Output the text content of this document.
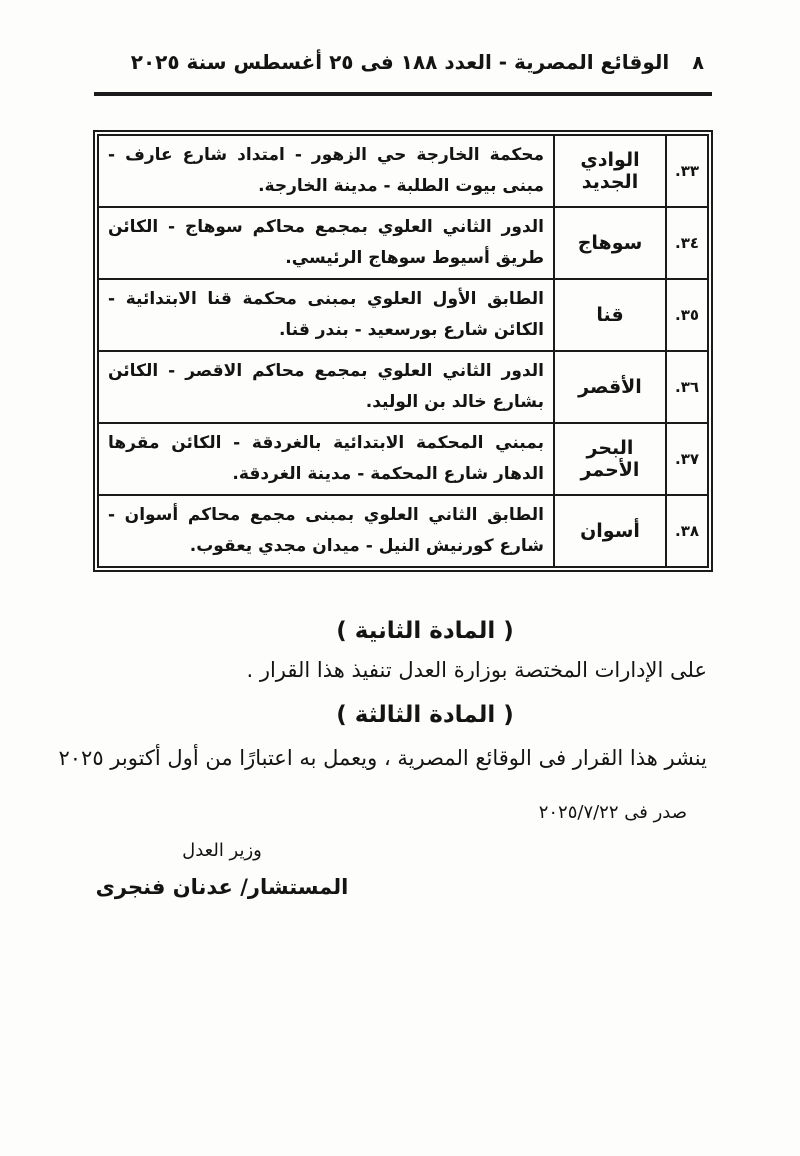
الوقائع المصرية - العدد ١٨٨ فى ٢٥ أغسطس سنة ٢٠٢٥	٨
٣٣.	الوادي الجديد	محكمة الخارجة حي الزهور - امتداد شارع عارف - مبنى بيوت الطلبة - مدينة الخارجة.
٣٤.	سوهاج	الدور الثاني العلوي بمجمع محاكم سوهاج - الكائن طريق أسيوط سوهاج الرئيسي.
٣٥.	قنا	الطابق الأول العلوي بمبنى محكمة قنا الابتدائية - الكائن شارع بورسعيد - بندر قنا.
٣٦.	الأقصر	الدور الثاني العلوي بمجمع محاكم الاقصر - الكائن بشارع خالد بن الوليد.
٣٧.	البحر الأحمر	بمبني المحكمة الابتدائية بالغردقة - الكائن مقرها الدهار شارع المحكمة - مدينة الغردقة.
٣٨.	أسوان	الطابق الثاني العلوي بمبنى مجمع محاكم أسوان - شارع كورنيش النيل - ميدان مجدي يعقوب.
( المادة الثانية )
على الإدارات المختصة بوزارة العدل تنفيذ هذا القرار .
( المادة الثالثة )
ينشر هذا القرار فى الوقائع المصرية ، ويعمل به اعتبارًا من أول أكتوبر ٢٠٢٥
صدر فى ٢٠٢٥/٧/٢٢
وزير العدل
المستشار/ عدنان فنجرى
